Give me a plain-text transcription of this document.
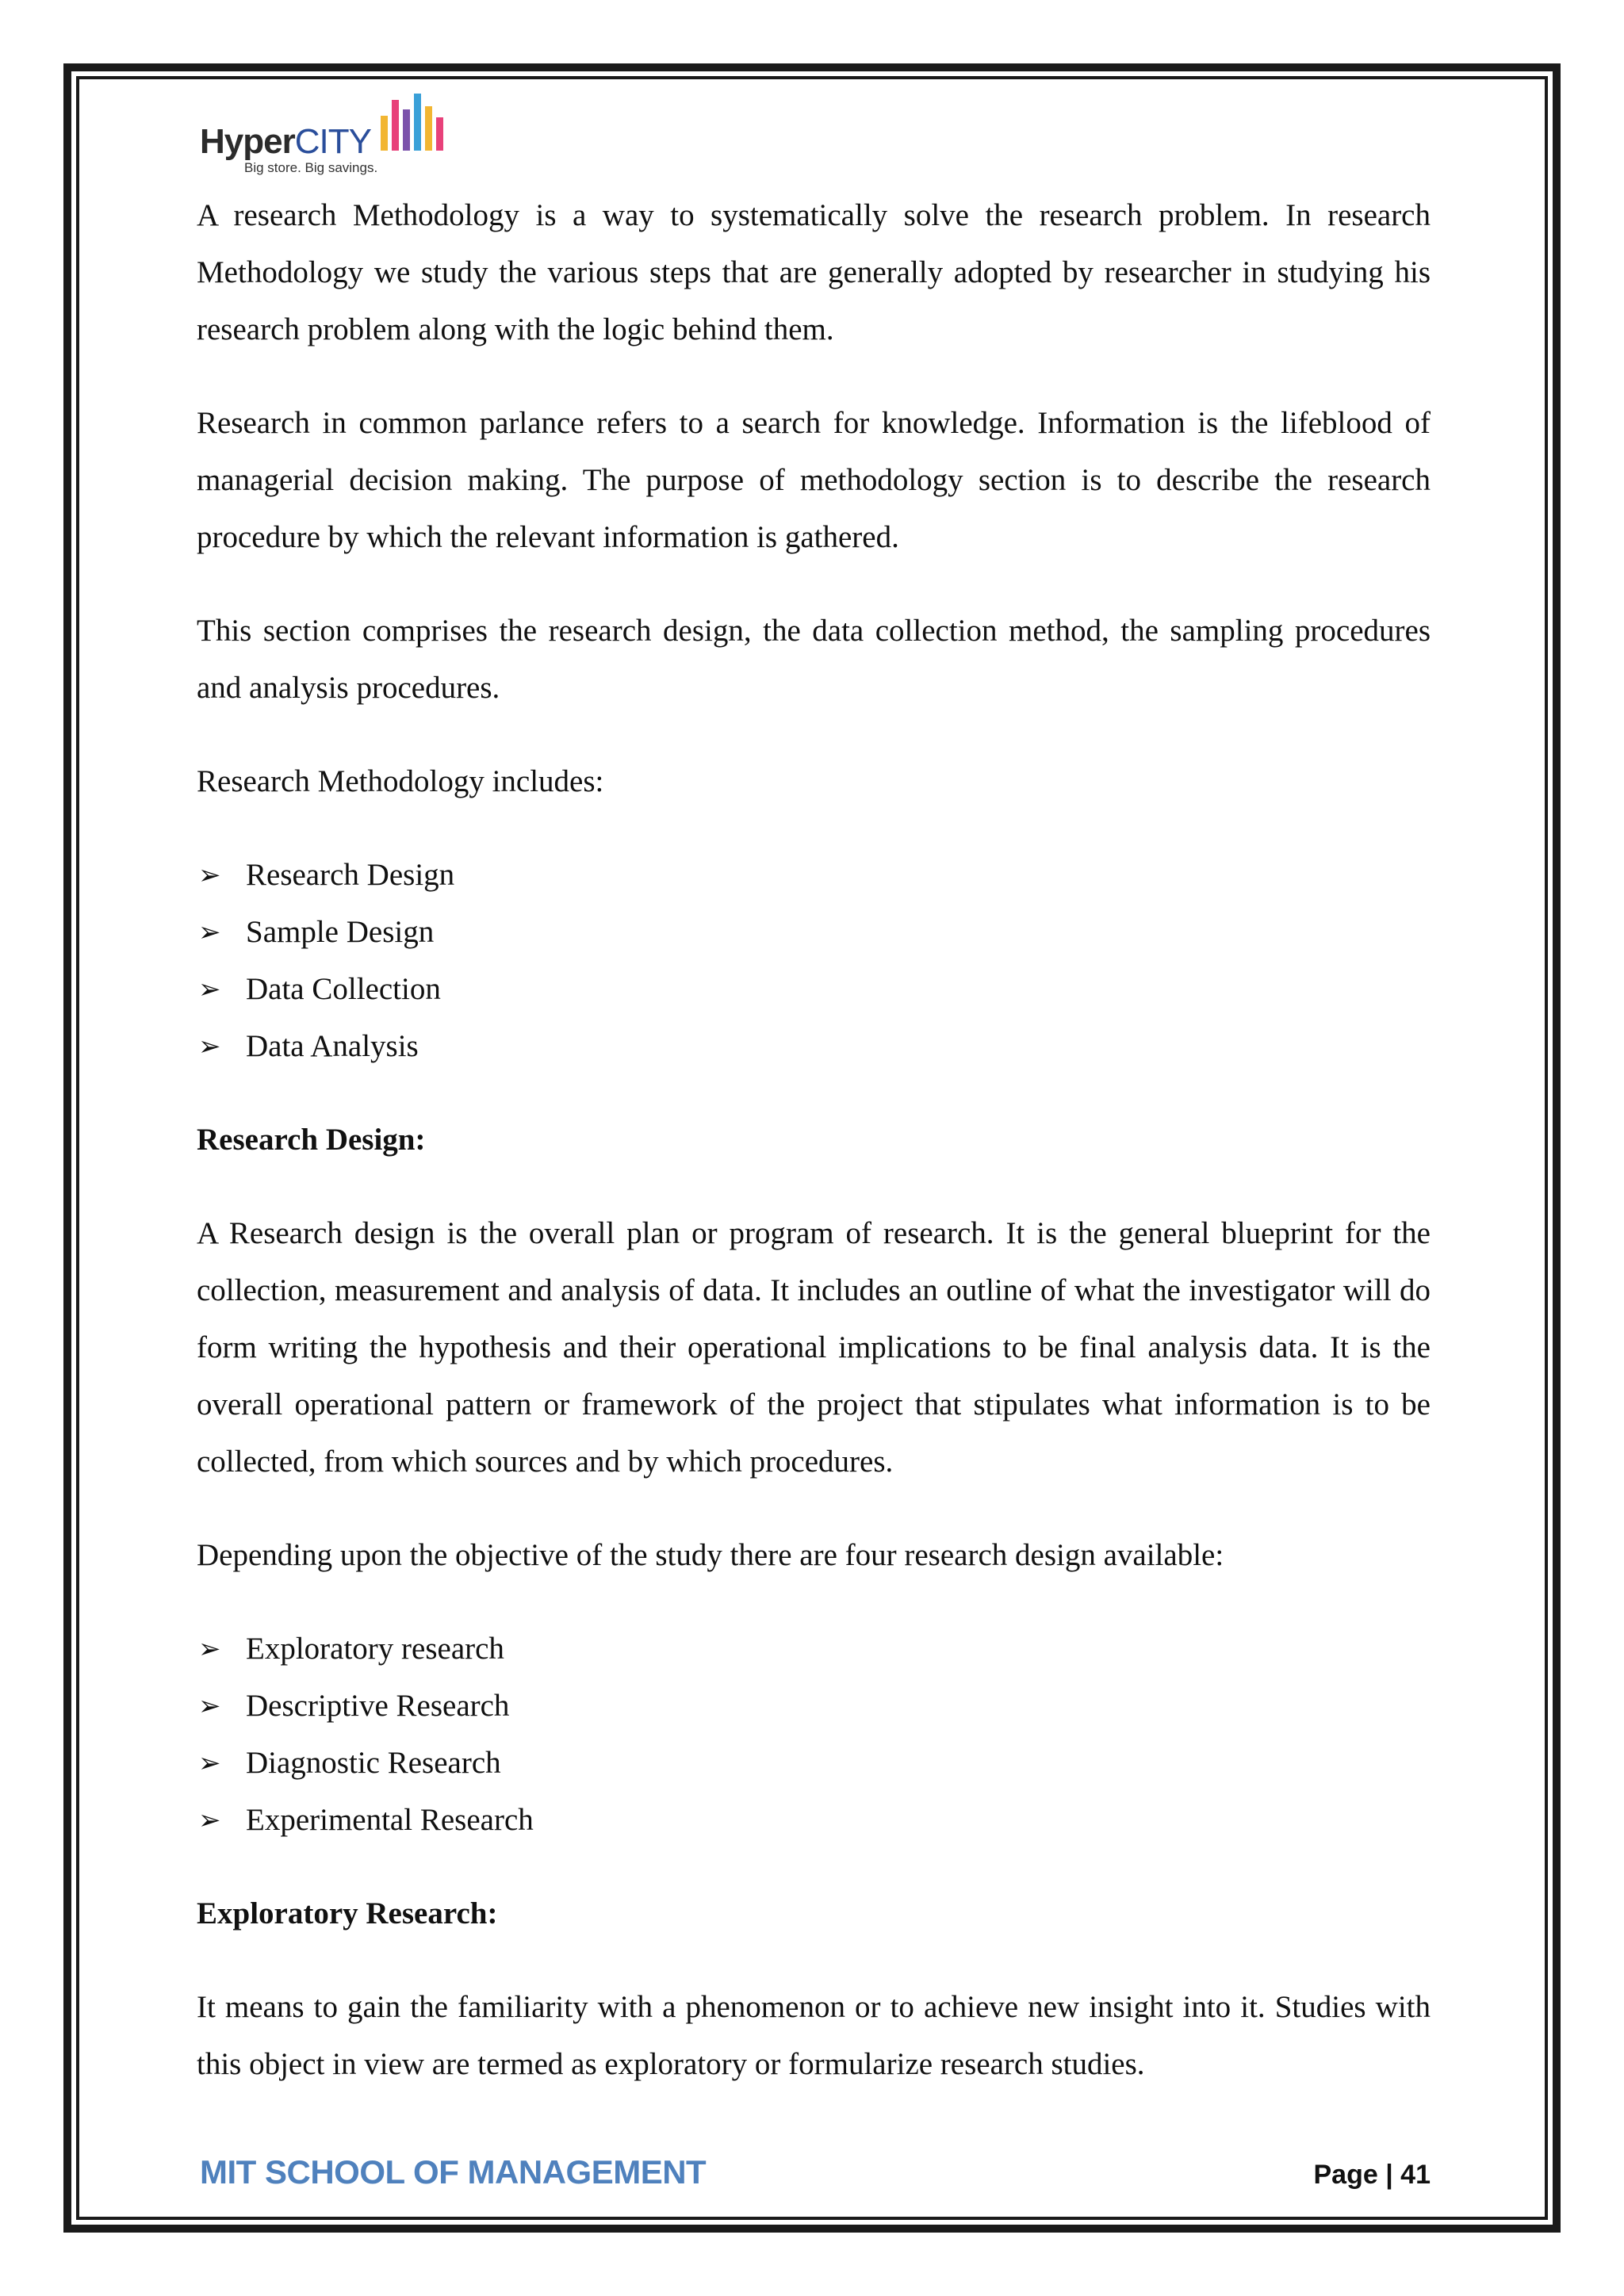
HyperCITY
Big store. Big savings.

A research Methodology is a way to systematically solve the research problem. In research Methodology we study the various steps that are generally adopted by researcher in studying his research problem along with the logic behind them.

Research in common parlance refers to a search for knowledge. Information is the lifeblood of managerial decision making. The purpose of methodology section is to describe the research procedure by which the relevant information is gathered.

This section comprises the research design, the data collection method, the sampling procedures and analysis procedures.

Research Methodology includes:

➢ Research Design
➢ Sample Design
➢ Data Collection
➢ Data Analysis

Research Design:

A Research design is the overall plan or program of research. It is the general blueprint for the collection, measurement and analysis of data. It includes an outline of what the investigator will do form writing the hypothesis and their operational implications to be final analysis data. It is the overall operational pattern or framework of the project that stipulates what information is to be collected, from which sources and by which procedures.

Depending upon the objective of the study there are four research design available:

➢ Exploratory research
➢ Descriptive Research
➢ Diagnostic Research
➢ Experimental Research

Exploratory Research:

It means to gain the familiarity with a phenomenon or to achieve new insight into it. Studies with this object in view are termed as exploratory or formularize research studies.

MIT SCHOOL OF MANAGEMENT	Page | 41
